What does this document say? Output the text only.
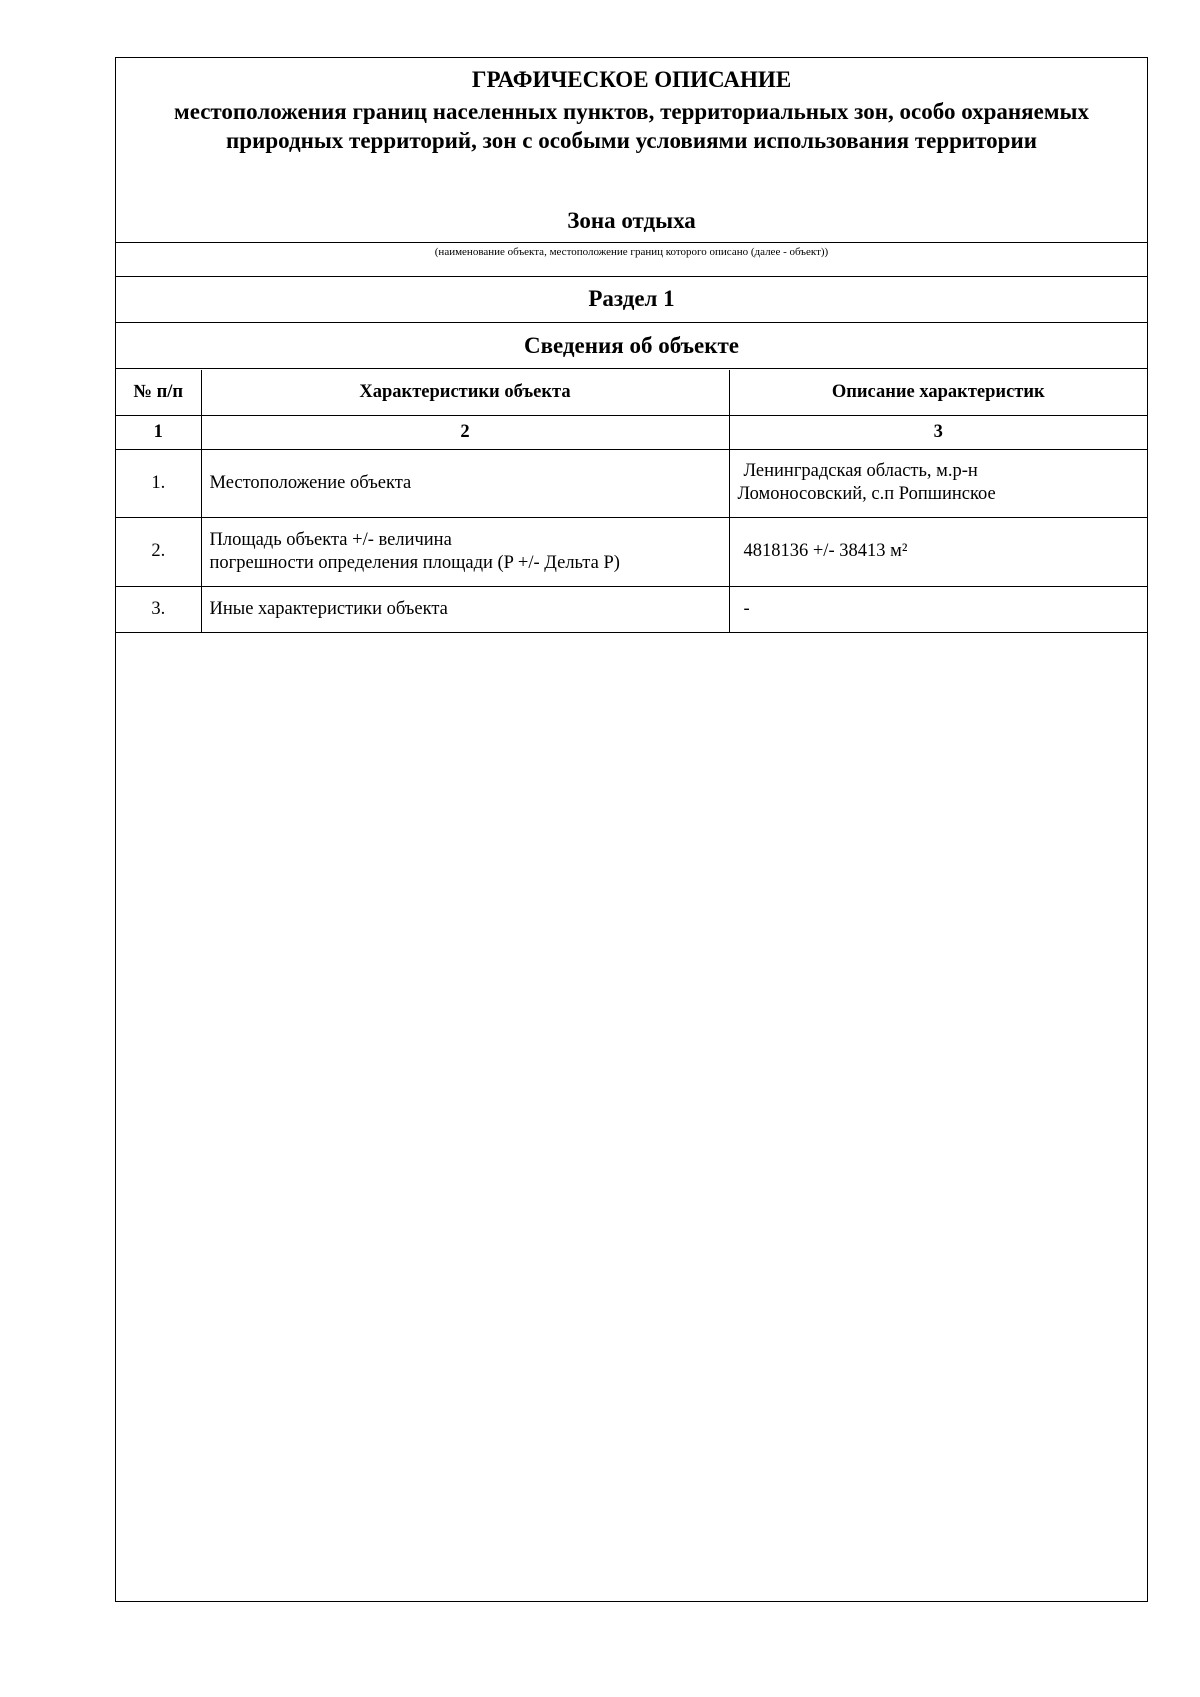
ГРАФИЧЕСКОЕ ОПИСАНИЕ
местоположения границ населенных пунктов, территориальных зон, особо охраняемых природных территорий, зон с особыми условиями использования территории
Зона отдыха
(наименование объекта, местоположение границ которого описано (далее - объект))
Раздел 1
Сведения об объекте
№ п/п	Характеристики объекта	Описание характеристик
1	2	3
1.	Местоположение объекта	Ленинградская область, м.р-н
Ломоносовский, с.п Ропшинское

2.	Площадь объекта +/- величина
погрешности определения площади (P +/- Дельта P)	4818136 +/- 38413 м²
3.	Иные характеристики объекта	-
